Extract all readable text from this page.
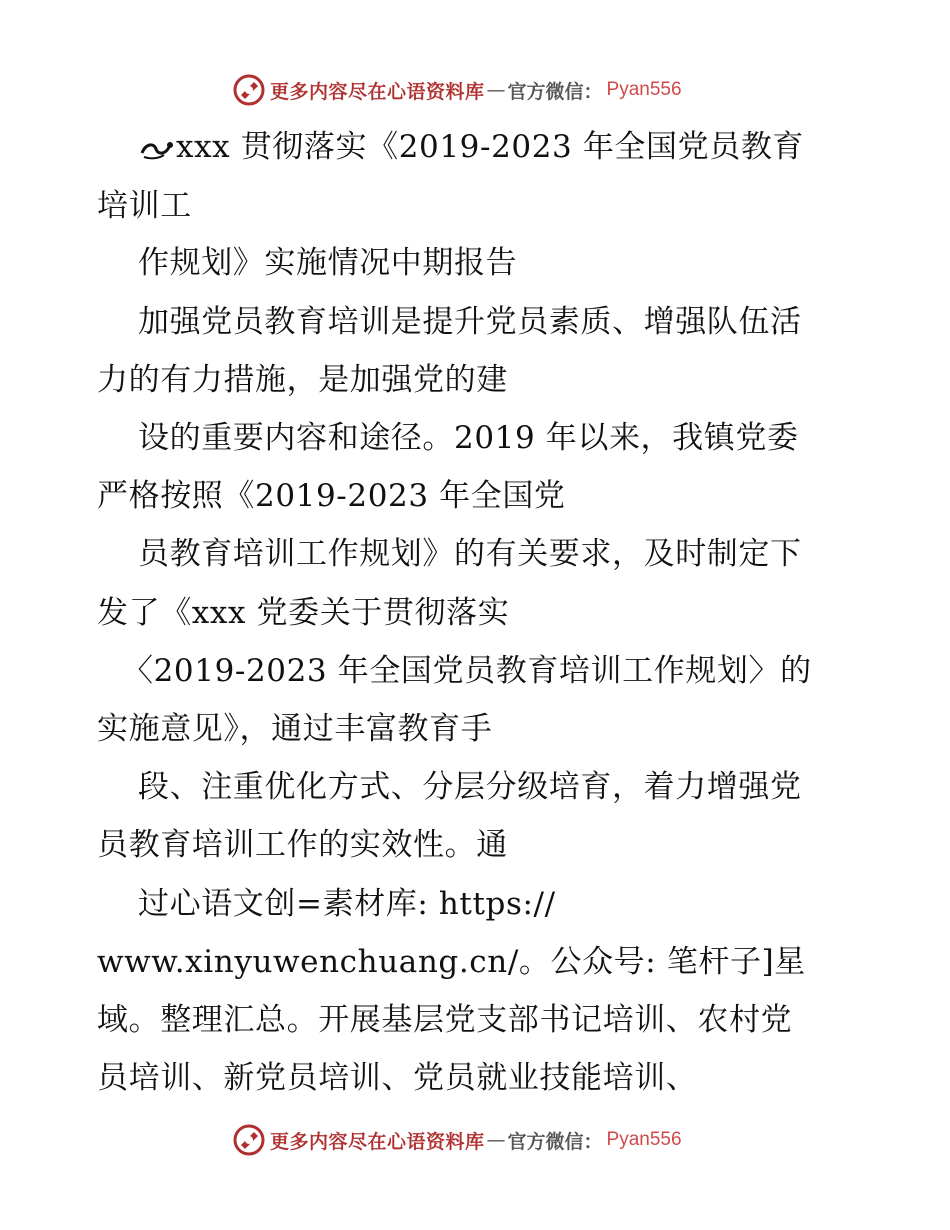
更多内容尽在心语资料库 — 官方微信： Pyan556
xxx 贯彻落实《2019-2023 年全国党员教育
培训工
作规划》实施情况中期报告
加强党员教育培训是提升党员素质、增强队伍活
力的有力措施，是加强党的建
设的重要内容和途径。2019 年以来，我镇党委
严格按照《2019-2023 年全国党
员教育培训工作规划》的有关要求，及时制定下
发了《xxx 党委关于贯彻落实
〈2019-2023 年全国党员教育培训工作规划〉的
实施意见》，通过丰富教育手
段、注重优化方式、分层分级培育，着力增强党
员教育培训工作的实效性。通
过心语文创=素材库: https://
www.xinyuwenchuang.cn/。公众号: 笔杆子]星
域。整理汇总。开展基层党支部书记培训、农村党
员培训、新党员培训、党员就业技能培训、
更多内容尽在心语资料库 — 官方微信： Pyan556
